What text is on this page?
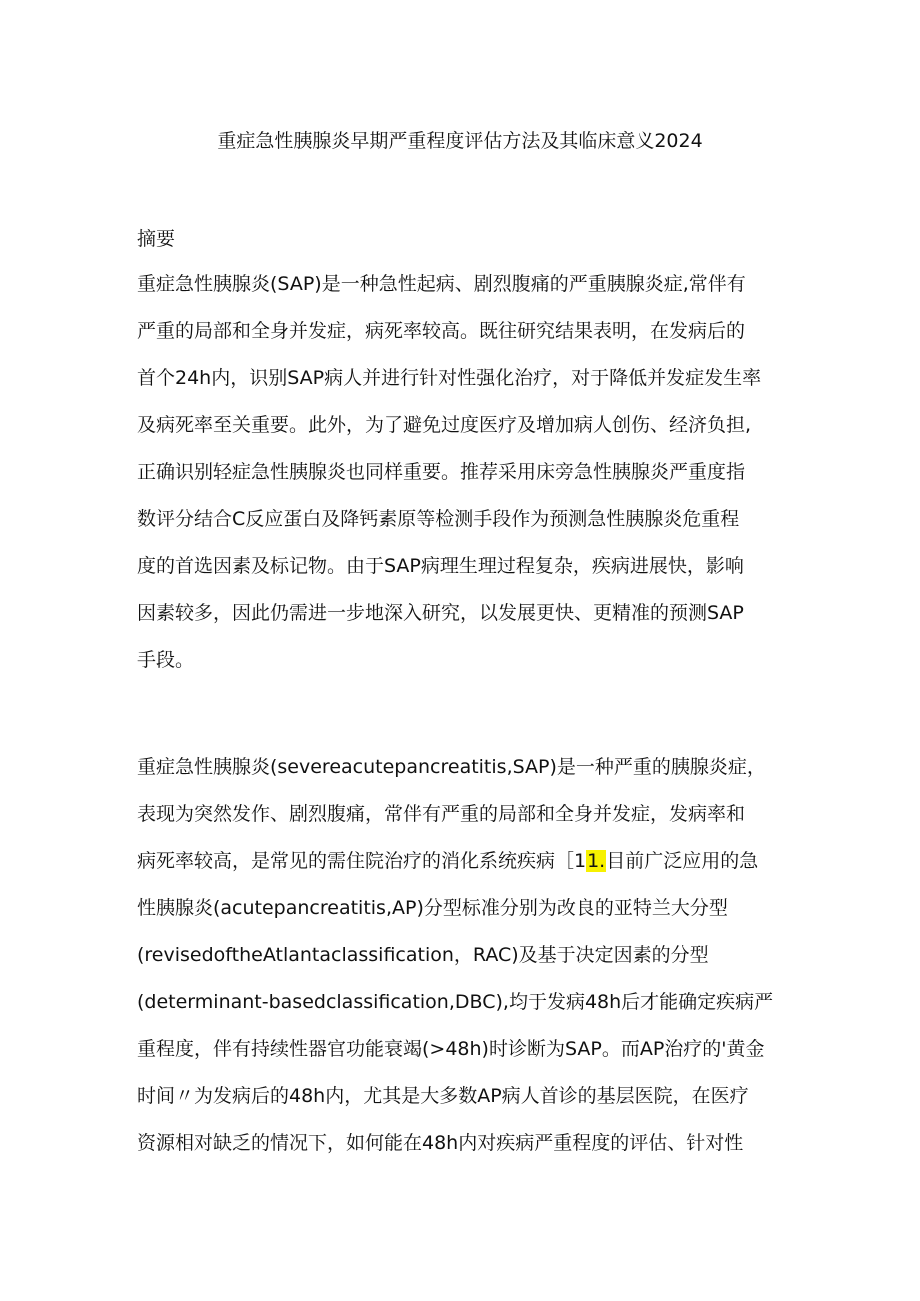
重症急性胰腺炎早期严重程度评估方法及其临床意义2024
摘要
重症急性胰腺炎(SAP)是一种急性起病、剧烈腹痛的严重胰腺炎症,常伴有
严重的局部和全身并发症，病死率较高。既往研究结果表明，在发病后的
首个24h内，识别SAP病人并进行针对性强化治疗，对于降低并发症发生率
及病死率至关重要。此外，为了避免过度医疗及增加病人创伤、经济负担,
正确识别轻症急性胰腺炎也同样重要。推荐采用床旁急性胰腺炎严重度指
数评分结合C反应蛋白及降钙素原等检测手段作为预测急性胰腺炎危重程
度的首选因素及标记物。由于SAP病理生理过程复杂，疾病进展快，影响
因素较多，因此仍需进一步地深入研究，以发展更快、更精准的预测SAP
手段。
重症急性胰腺炎(severeacutepancreatitis,SAP)是一种严重的胰腺炎症，
表现为突然发作、剧烈腹痛，常伴有严重的局部和全身并发症，发病率和
病死率较高，是常见的需住院治疗的消化系统疾病［11.目前广泛应用的急
性胰腺炎(acutepancreatitis,AP)分型标准分别为改良的亚特兰大分型
(revisedoftheAtlantaclassification，RAC)及基于决定因素的分型
(determinant-basedclassification,DBC),均于发病48h后才能确定疾病严
重程度，伴有持续性器官功能衰竭(>48h)时诊断为SAP。而AP治疗的'黄金
时间〃为发病后的48h内，尤其是大多数AP病人首诊的基层医院，在医疗
资源相对缺乏的情况下，如何能在48h内对疾病严重程度的评估、针对性
